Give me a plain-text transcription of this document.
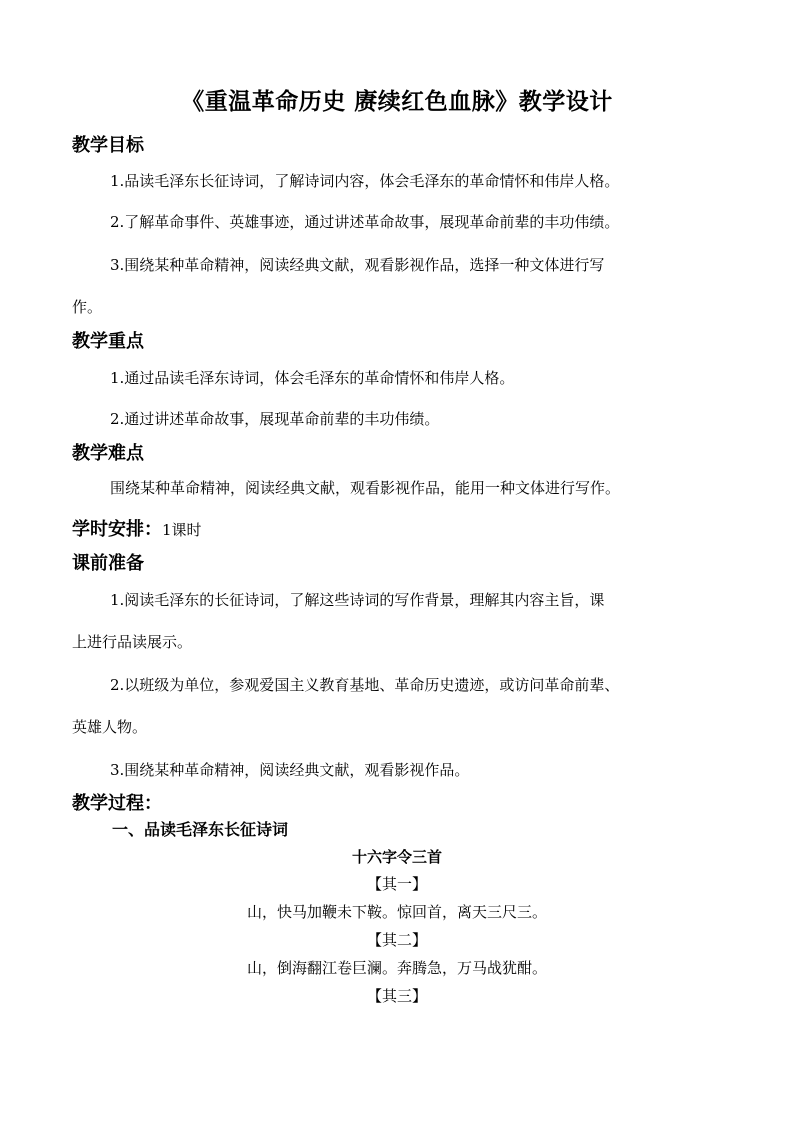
《重温革命历史 赓续红色血脉》教学设计
教学目标
1.品读毛泽东长征诗词，了解诗词内容，体会毛泽东的革命情怀和伟岸人格。
2.了解革命事件、英雄事迹，通过讲述革命故事，展现革命前辈的丰功伟绩。
3.围绕某种革命精神，阅读经典文献，观看影视作品，选择一种文体进行写
作。
教学重点
1.通过品读毛泽东诗词，体会毛泽东的革命情怀和伟岸人格。
2.通过讲述革命故事，展现革命前辈的丰功伟绩。
教学难点
围绕某种革命精神，阅读经典文献，观看影视作品，能用一种文体进行写作。
学时安排：1课时
课前准备
1.阅读毛泽东的长征诗词，了解这些诗词的写作背景，理解其内容主旨，课
上进行品读展示。
2.以班级为单位，参观爱国主义教育基地、革命历史遗迹，或访问革命前辈、
英雄人物。
3.围绕某种革命精神，阅读经典文献，观看影视作品。
教学过程：
一、品读毛泽东长征诗词
十六字令三首
【其一】
山，快马加鞭未下鞍。惊回首，离天三尺三。
【其二】
山，倒海翻江卷巨澜。奔腾急，万马战犹酣。
【其三】
